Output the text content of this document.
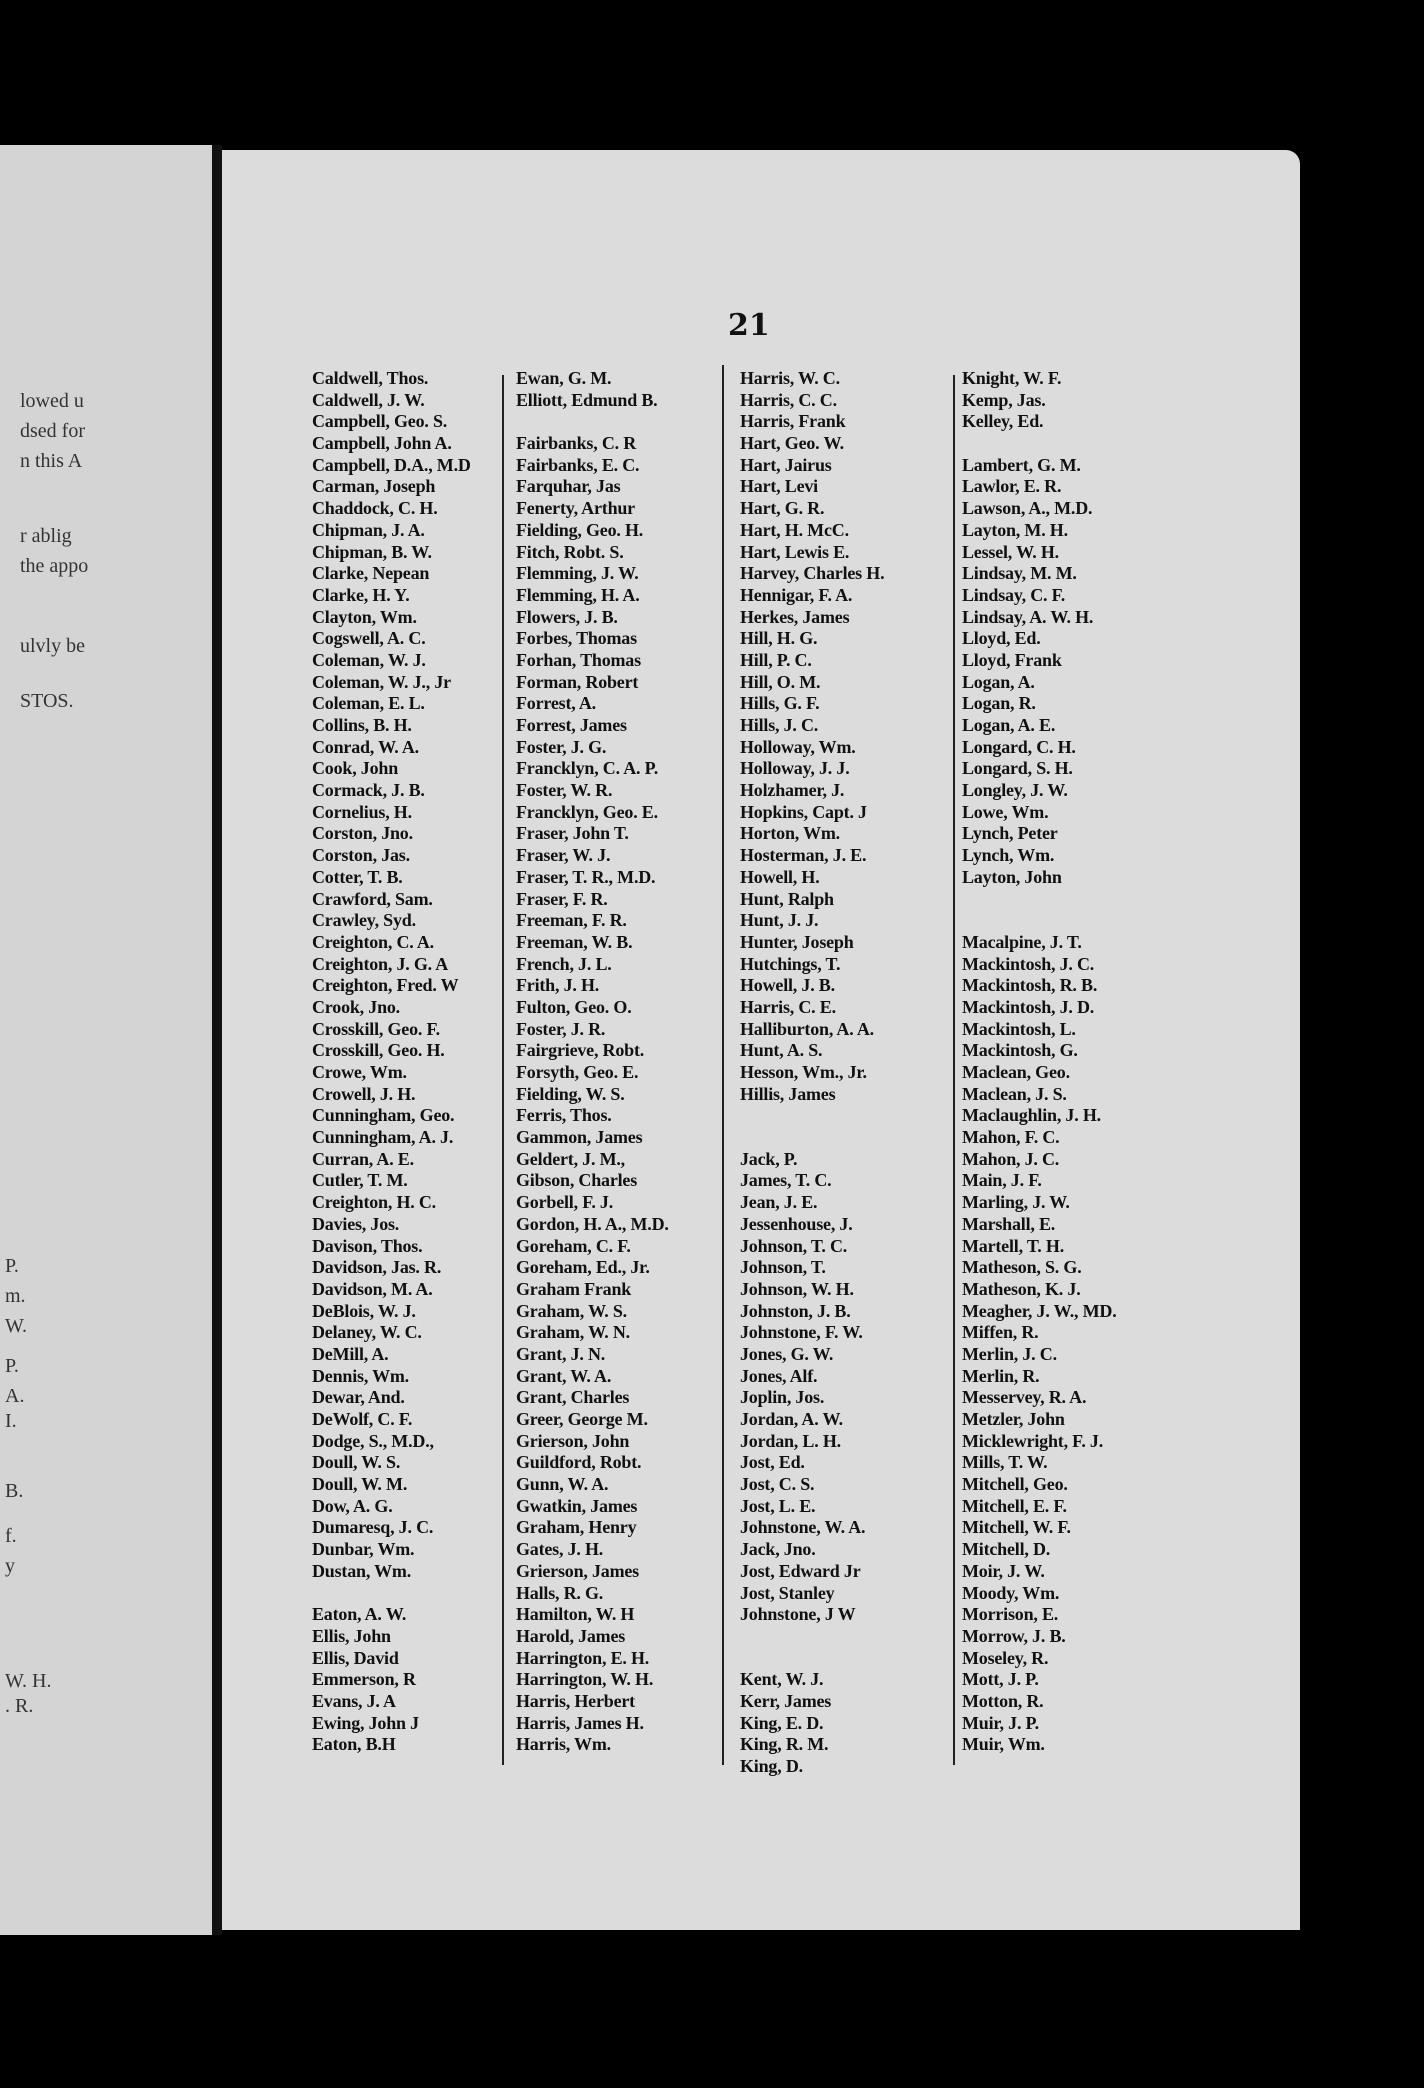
lowed u
dsed for
n this A
r ablig
the appo
ulvly be
STOS.
P.
m.
W.
P.
A.
I.
B.
f.
y
W. H.
. R.
21
Caldwell, Thos.
Caldwell, J. W.
Campbell, Geo. S.
Campbell, John A.
Campbell, D.A., M.D
Carman, Joseph
Chaddock, C. H.
Chipman, J. A.
Chipman, B. W.
Clarke, Nepean
Clarke, H. Y.
Clayton, Wm.
Cogswell, A. C.
Coleman, W. J.
Coleman, W. J., Jr
Coleman, E. L.
Collins, B. H.
Conrad, W. A.
Cook, John
Cormack, J. B.
Cornelius, H.
Corston, Jno.
Corston, Jas.
Cotter, T. B.
Crawford, Sam.
Crawley, Syd.
Creighton, C. A.
Creighton, J. G. A
Creighton, Fred. W
Crook, Jno.
Crosskill, Geo. F.
Crosskill, Geo. H.
Crowe, Wm.
Crowell, J. H.
Cunningham, Geo.
Cunningham, A. J.
Curran, A. E.
Cutler, T. M.
Creighton, H. C.
Davies, Jos.
Davison, Thos.
Davidson, Jas. R.
Davidson, M. A.
DeBlois, W. J.
Delaney, W. C.
DeMill, A.
Dennis, Wm.
Dewar, And.
DeWolf, C. F.
Dodge, S., M.D.,
Doull, W. S.
Doull, W. M.
Dow, A. G.
Dumaresq, J. C.
Dunbar, Wm.
Dustan, Wm.
Eaton, A. W.
Ellis, John
Ellis, David
Emmerson, R
Evans, J. A
Ewing, John J
Eaton, B.H
Ewan, G. M.
Elliott, Edmund B.
Fairbanks, C. R
Fairbanks, E. C.
Farquhar, Jas
Fenerty, Arthur
Fielding, Geo. H.
Fitch, Robt. S.
Flemming, J. W.
Flemming, H. A.
Flowers, J. B.
Forbes, Thomas
Forhan, Thomas
Forman, Robert
Forrest, A.
Forrest, James
Foster, J. G.
Francklyn, C. A. P.
Foster, W. R.
Francklyn, Geo. E.
Fraser, John T.
Fraser, W. J.
Fraser, T. R., M.D.
Fraser, F. R.
Freeman, F. R.
Freeman, W. B.
French, J. L.
Frith, J. H.
Fulton, Geo. O.
Foster, J. R.
Fairgrieve, Robt.
Forsyth, Geo. E.
Fielding, W. S.
Ferris, Thos.
Gammon, James
Geldert, J. M.,
Gibson, Charles
Gorbell, F. J.
Gordon, H. A., M.D.
Goreham, C. F.
Goreham, Ed., Jr.
Graham Frank
Graham, W. S.
Graham, W. N.
Grant, J. N.
Grant, W. A.
Grant, Charles
Greer, George M.
Grierson, John
Guildford, Robt.
Gunn, W. A.
Gwatkin, James
Graham, Henry
Gates, J. H.
Grierson, James
Halls, R. G.
Hamilton, W. H
Harold, James
Harrington, E. H.
Harrington, W. H.
Harris, Herbert
Harris, James H.
Harris, Wm.
Harris, W. C.
Harris, C. C.
Harris, Frank
Hart, Geo. W.
Hart, Jairus
Hart, Levi
Hart, G. R.
Hart, H. McC.
Hart, Lewis E.
Harvey, Charles H.
Hennigar, F. A.
Herkes, James
Hill, H. G.
Hill, P. C.
Hill, O. M.
Hills, G. F.
Hills, J. C.
Holloway, Wm.
Holloway, J. J.
Holzhamer, J.
Hopkins, Capt. J
Horton, Wm.
Hosterman, J. E.
Howell, H.
Hunt, Ralph
Hunt, J. J.
Hunter, Joseph
Hutchings, T.
Howell, J. B.
Harris, C. E.
Halliburton, A. A.
Hunt, A. S.
Hesson, Wm., Jr.
Hillis, James
Jack, P.
James, T. C.
Jean, J. E.
Jessenhouse, J.
Johnson, T. C.
Johnson, T.
Johnson, W. H.
Johnston, J. B.
Johnstone, F. W.
Jones, G. W.
Jones, Alf.
Joplin, Jos.
Jordan, A. W.
Jordan, L. H.
Jost, Ed.
Jost, C. S.
Jost, L. E.
Johnstone, W. A.
Jack, Jno.
Jost, Edward Jr
Jost, Stanley
Johnstone, J W
Kent, W. J.
Kerr, James
King, E. D.
King, R. M.
King, D.
Knight, W. F.
Kemp, Jas.
Kelley, Ed.
Lambert, G. M.
Lawlor, E. R.
Lawson, A., M.D.
Layton, M. H.
Lessel, W. H.
Lindsay, M. M.
Lindsay, C. F.
Lindsay, A. W. H.
Lloyd, Ed.
Lloyd, Frank
Logan, A.
Logan, R.
Logan, A. E.
Longard, C. H.
Longard, S. H.
Longley, J. W.
Lowe, Wm.
Lynch, Peter
Lynch, Wm.
Layton, John
Macalpine, J. T.
Mackintosh, J. C.
Mackintosh, R. B.
Mackintosh, J. D.
Mackintosh, L.
Mackintosh, G.
Maclean, Geo.
Maclean, J. S.
Maclaughlin, J. H.
Mahon, F. C.
Mahon, J. C.
Main, J. F.
Marling, J. W.
Marshall, E.
Martell, T. H.
Matheson, S. G.
Matheson, K. J.
Meagher, J. W., MD.
Miffen, R.
Merlin, J. C.
Merlin, R.
Messervey, R. A.
Metzler, John
Micklewright, F. J.
Mills, T. W.
Mitchell, Geo.
Mitchell, E. F.
Mitchell, W. F.
Mitchell, D.
Moir, J. W.
Moody, Wm.
Morrison, E.
Morrow, J. B.
Moseley, R.
Mott, J. P.
Motton, R.
Muir, J. P.
Muir, Wm.
